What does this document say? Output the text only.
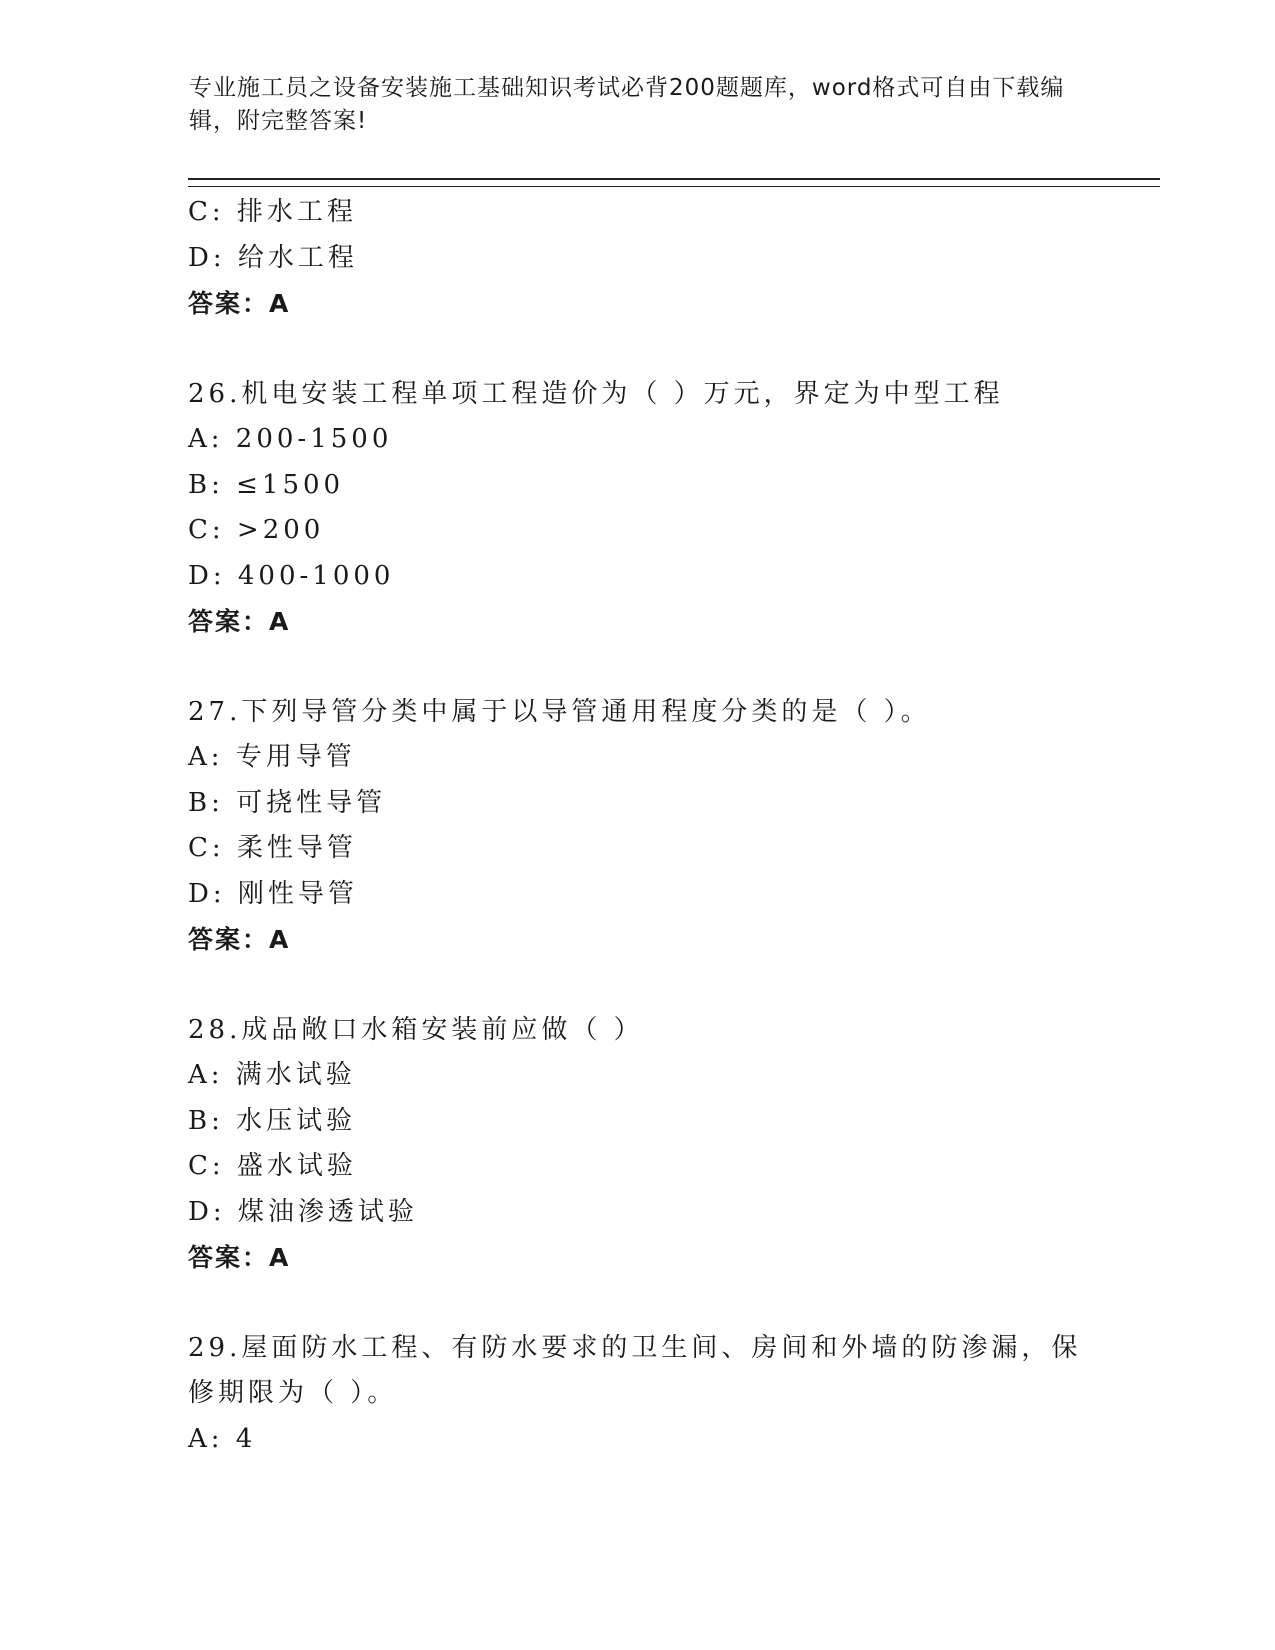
专业施工员之设备安装施工基础知识考试必背200题题库，word格式可自由下载编辑，附完整答案!
C: 排水工程
D: 给水工程
答案：A
26.机电安装工程单项工程造价为（ ）万元，界定为中型工程
A: 200-1500
B: ≤1500
C: >200
D: 400-1000
答案：A
27.下列导管分类中属于以导管通用程度分类的是（ ）。
A: 专用导管
B: 可挠性导管
C: 柔性导管
D: 刚性导管
答案：A
28.成品敞口水箱安装前应做（ ）
A: 满水试验
B: 水压试验
C: 盛水试验
D: 煤油渗透试验
答案：A
29.屋面防水工程、有防水要求的卫生间、房间和外墙的防渗漏，保修期限为（ ）。
A: 4
